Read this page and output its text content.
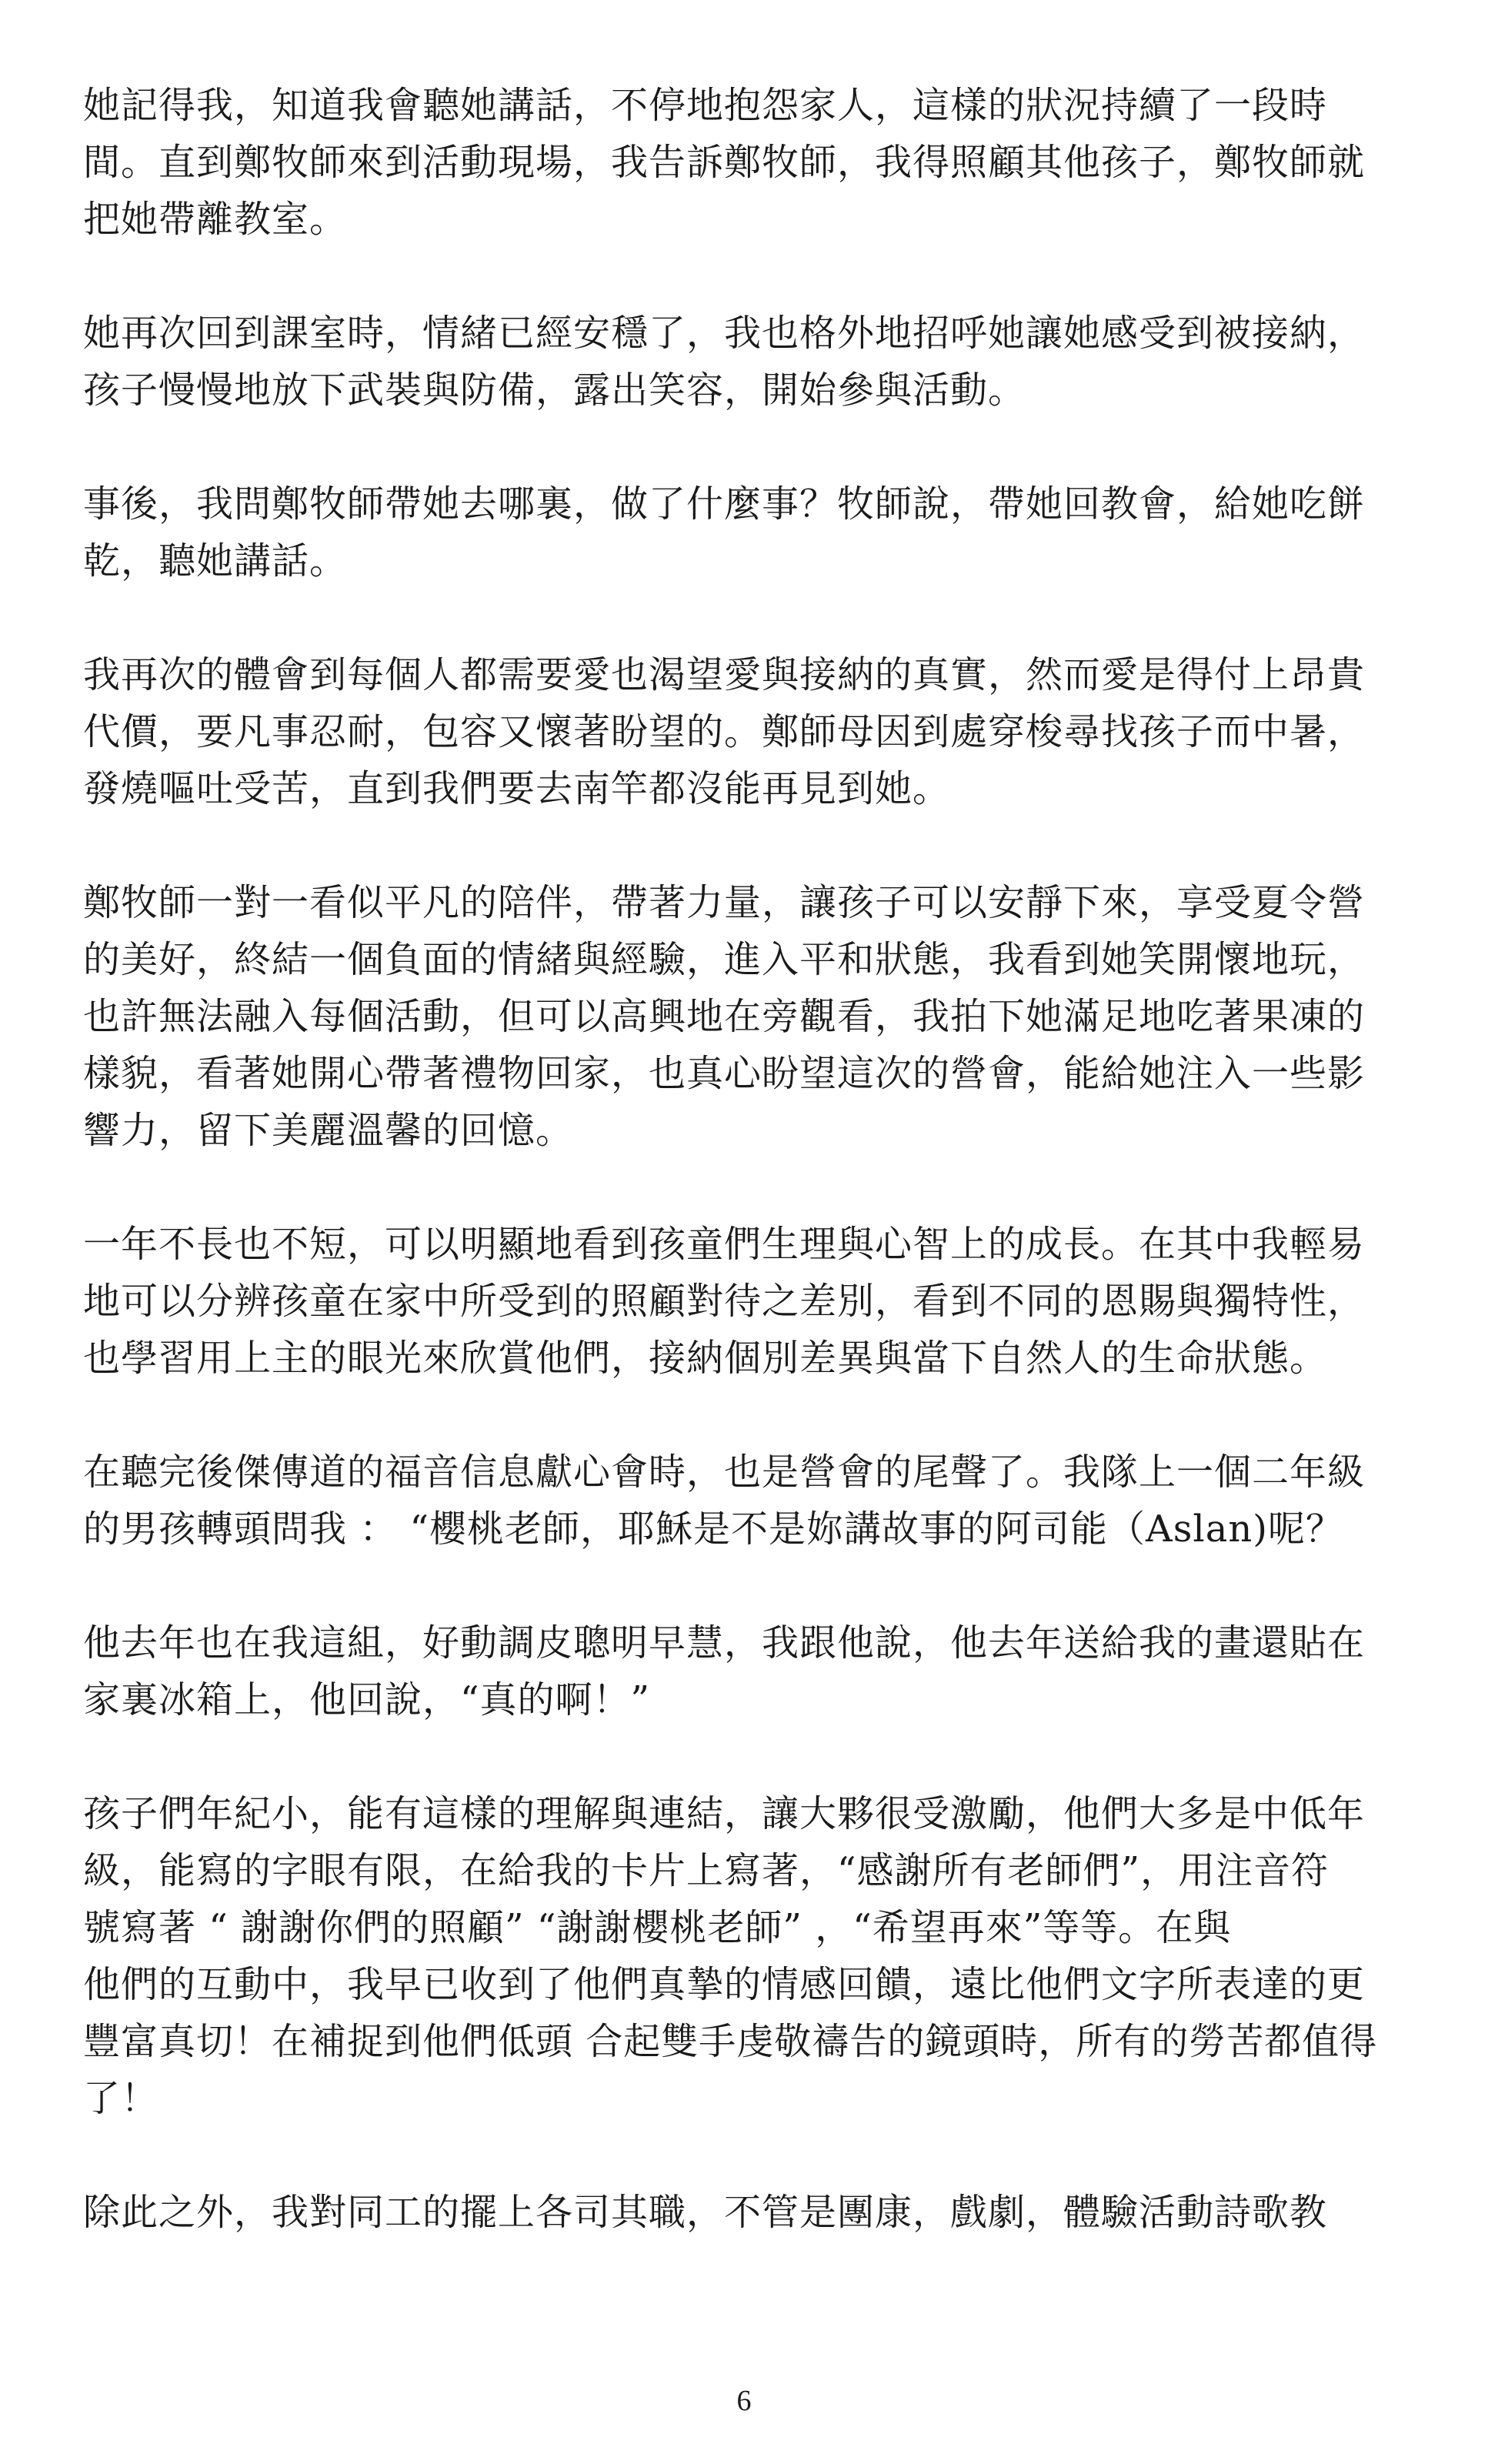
她記得我，知道我會聽她講話，不停地抱怨家人，這樣的狀況持續了一段時
間。直到鄭牧師來到活動現場，我告訴鄭牧師，我得照顧其他孩子，鄭牧師就
把她帶離教室。

她再次回到課室時，情緒已經安穩了，我也格外地招呼她讓她感受到被接納，
孩子慢慢地放下武裝與防備，露出笑容，開始參與活動。

事後，我問鄭牧師帶她去哪裏，做了什麼事？牧師說，帶她回教會，給她吃餅
乾，聽她講話。

我再次的體會到每個人都需要愛也渴望愛與接納的真實，然而愛是得付上昂貴
代價，要凡事忍耐，包容又懷著盼望的。鄭師母因到處穿梭尋找孩子而中暑，
發燒嘔吐受苦，直到我們要去南竿都沒能再見到她。

鄭牧師一對一看似平凡的陪伴，帶著力量，讓孩子可以安靜下來，享受夏令營
的美好，終結一個負面的情緒與經驗，進入平和狀態，我看到她笑開懷地玩，
也許無法融入每個活動，但可以高興地在旁觀看，我拍下她滿足地吃著果凍的
樣貌，看著她開心帶著禮物回家，也真心盼望這次的營會，能給她注入一些影
響力，留下美麗溫馨的回憶。

一年不長也不短，可以明顯地看到孩童們生理與心智上的成長。在其中我輕易
地可以分辨孩童在家中所受到的照顧對待之差別，看到不同的恩賜與獨特性，
也學習用上主的眼光來欣賞他們，接納個別差異與當下自然人的生命狀態。

在聽完後傑傳道的福音信息獻心會時，也是營會的尾聲了。我隊上一個二年級
的男孩轉頭問我 ： “櫻桃老師，耶穌是不是妳講故事的阿司能（Aslan)呢？

他去年也在我這組，好動調皮聰明早慧，我跟他說，他去年送給我的畫還貼在
家裏冰箱上，他回說，“真的啊！”

孩子們年紀小，能有這樣的理解與連結，讓大夥很受激勵，他們大多是中低年
級，能寫的字眼有限，在給我的卡片上寫著，“感謝所有老師們”，用注音符
號寫著 “ 謝謝你們的照顧” “謝謝櫻桃老師” ，“希望再來”等等。在與
他們的互動中，我早已收到了他們真摯的情感回饋，遠比他們文字所表達的更
豐富真切！在補捉到他們低頭 合起雙手虔敬禱告的鏡頭時，所有的勞苦都值得
了！

除此之外，我對同工的擺上各司其職，不管是團康，戲劇，體驗活動詩歌教

6
